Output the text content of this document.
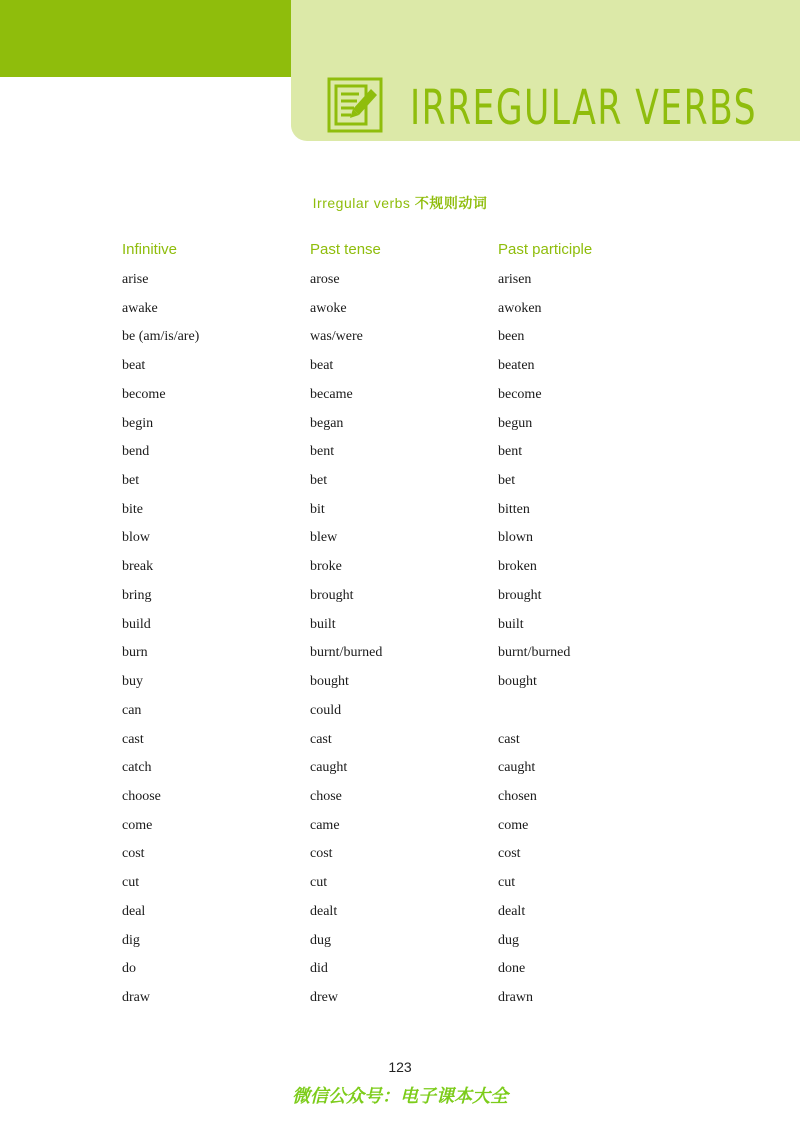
IRREGULAR VERBS
Irregular verbs 不规则动词
Infinitive	Past tense	Past participle
arise	arose	arisen
awake	awoke	awoken
be (am/is/are)	was/were	been
beat	beat	beaten
become	became	become
begin	began	begun
bend	bent	bent
bet	bet	bet
bite	bit	bitten
blow	blew	blown
break	broke	broken
bring	brought	brought
build	built	built
burn	burnt/burned	burnt/burned
buy	bought	bought
can	could
cast	cast	cast
catch	caught	caught
choose	chose	chosen
come	came	come
cost	cost	cost
cut	cut	cut
deal	dealt	dealt
dig	dug	dug
do	did	done
draw	drew	drawn
123
微信公众号：电子课本大全
